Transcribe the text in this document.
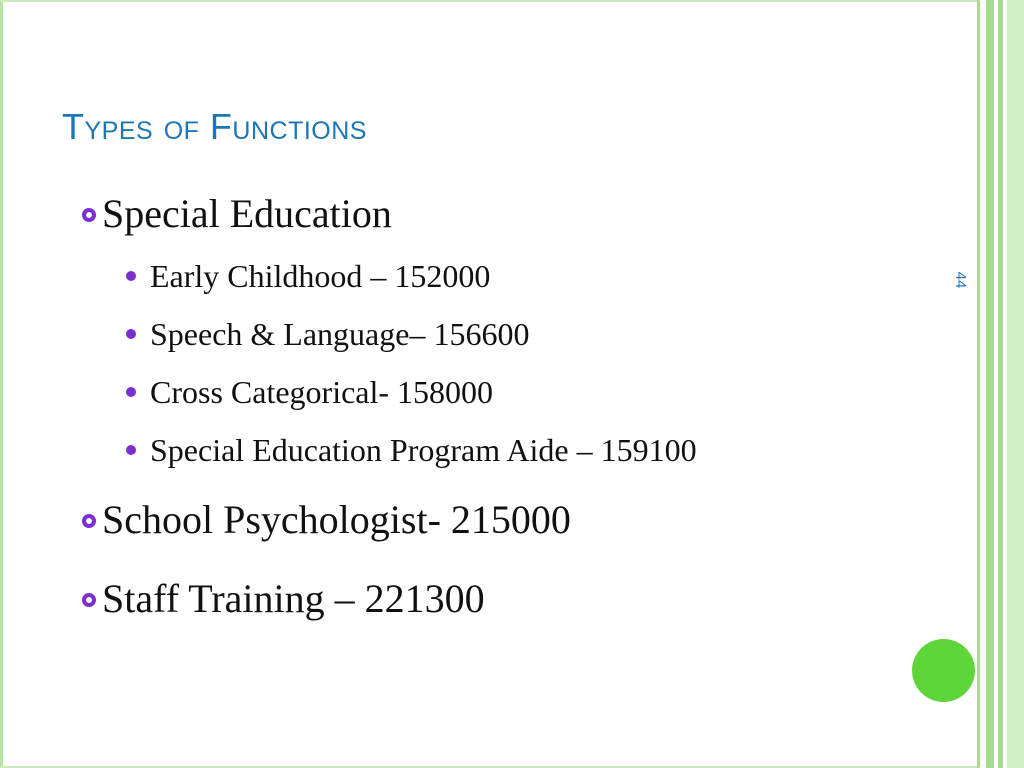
Types of Functions
44
Special Education
Early Childhood – 152000
Speech & Language– 156600
Cross Categorical- 158000
Special Education Program Aide – 159100
School Psychologist- 215000
Staff Training – 221300
